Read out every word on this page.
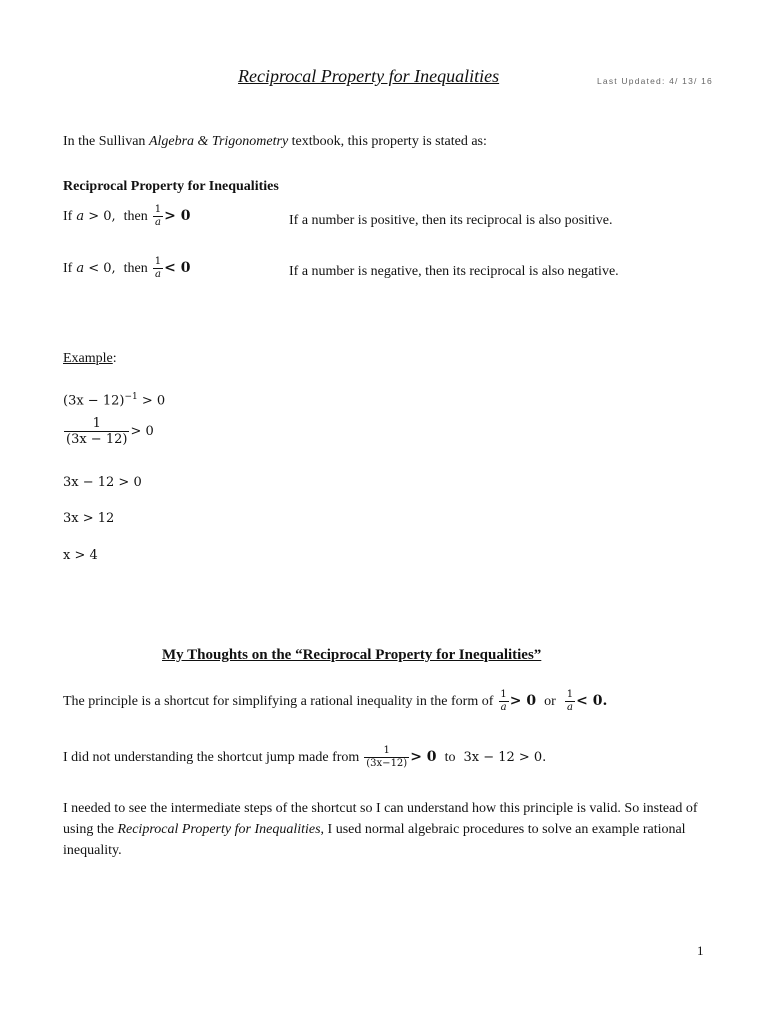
Reciprocal Property for Inequalities	Last Updated: 4/ 13/ 16
In the Sullivan Algebra & Trigonometry textbook, this property is stated as:
Reciprocal Property for Inequalities
If a > 0, then $\frac{1}{a} > 0$	If a number is positive, then its reciprocal is also positive.
If a < 0, then $\frac{1}{a} < 0$	If a number is negative, then its reciprocal is also negative.
Example:
$(3x - 12)^{-1} > 0$
$\frac{1}{(3x - 12)} > 0$
3x − 12 > 0
3x > 12
x > 4
My Thoughts on the “Reciprocal Property for Inequalities”
The principle is a shortcut for simplifying a rational inequality in the form of $\frac{1}{a} > 0$ or $\frac{1}{a} < 0$.
I did not understanding the shortcut jump made from $\frac{1}{(3x-12)} > 0$ to 3x − 12 > 0.
I needed to see the intermediate steps of the shortcut so I can understand how this principle is valid. So instead of using the Reciprocal Property for Inequalities, I used normal algebraic procedures to solve an example rational inequality.
1
